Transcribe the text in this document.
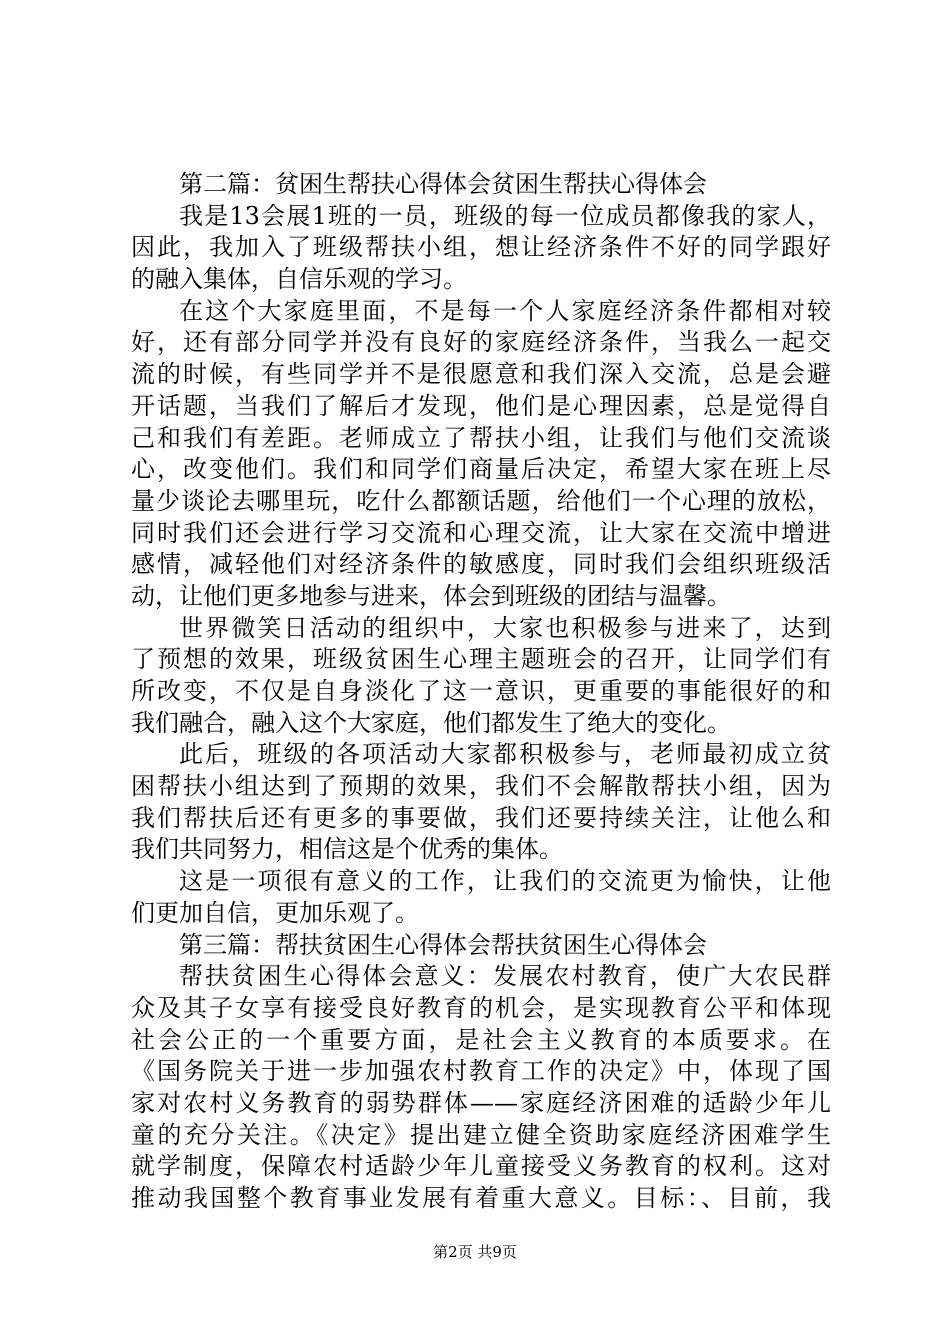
第二篇：贫困生帮扶心得体会贫困生帮扶心得体会
我是13会展1班的一员，班级的每一位成员都像我的家人，
因此，我加入了班级帮扶小组，想让经济条件不好的同学跟好
的融入集体，自信乐观的学习。
在这个大家庭里面，不是每一个人家庭经济条件都相对较
好，还有部分同学并没有良好的家庭经济条件，当我么一起交
流的时候，有些同学并不是很愿意和我们深入交流，总是会避
开话题，当我们了解后才发现，他们是心理因素，总是觉得自
己和我们有差距。老师成立了帮扶小组，让我们与他们交流谈
心，改变他们。我们和同学们商量后决定，希望大家在班上尽
量少谈论去哪里玩，吃什么都额话题，给他们一个心理的放松，
同时我们还会进行学习交流和心理交流，让大家在交流中增进
感情，减轻他们对经济条件的敏感度，同时我们会组织班级活
动，让他们更多地参与进来，体会到班级的团结与温馨。
世界微笑日活动的组织中，大家也积极参与进来了，达到
了预想的效果，班级贫困生心理主题班会的召开，让同学们有
所改变，不仅是自身淡化了这一意识，更重要的事能很好的和
我们融合，融入这个大家庭，他们都发生了绝大的变化。
此后，班级的各项活动大家都积极参与，老师最初成立贫
困帮扶小组达到了预期的效果，我们不会解散帮扶小组，因为
我们帮扶后还有更多的事要做，我们还要持续关注，让他么和
我们共同努力，相信这是个优秀的集体。
这是一项很有意义的工作，让我们的交流更为愉快，让他
们更加自信，更加乐观了。
第三篇：帮扶贫困生心得体会帮扶贫困生心得体会
帮扶贫困生心得体会意义：发展农村教育，使广大农民群
众及其子女享有接受良好教育的机会，是实现教育公平和体现
社会公正的一个重要方面，是社会主义教育的本质要求。在
《国务院关于进一步加强农村教育工作的决定》中，体现了国
家对农村义务教育的弱势群体——家庭经济困难的适龄少年儿
童的充分关注。《决定》提出建立健全资助家庭经济困难学生
就学制度，保障农村适龄少年儿童接受义务教育的权利。这对
推动我国整个教育事业发展有着重大意义。目标：、目前，我
第2页 共9页
